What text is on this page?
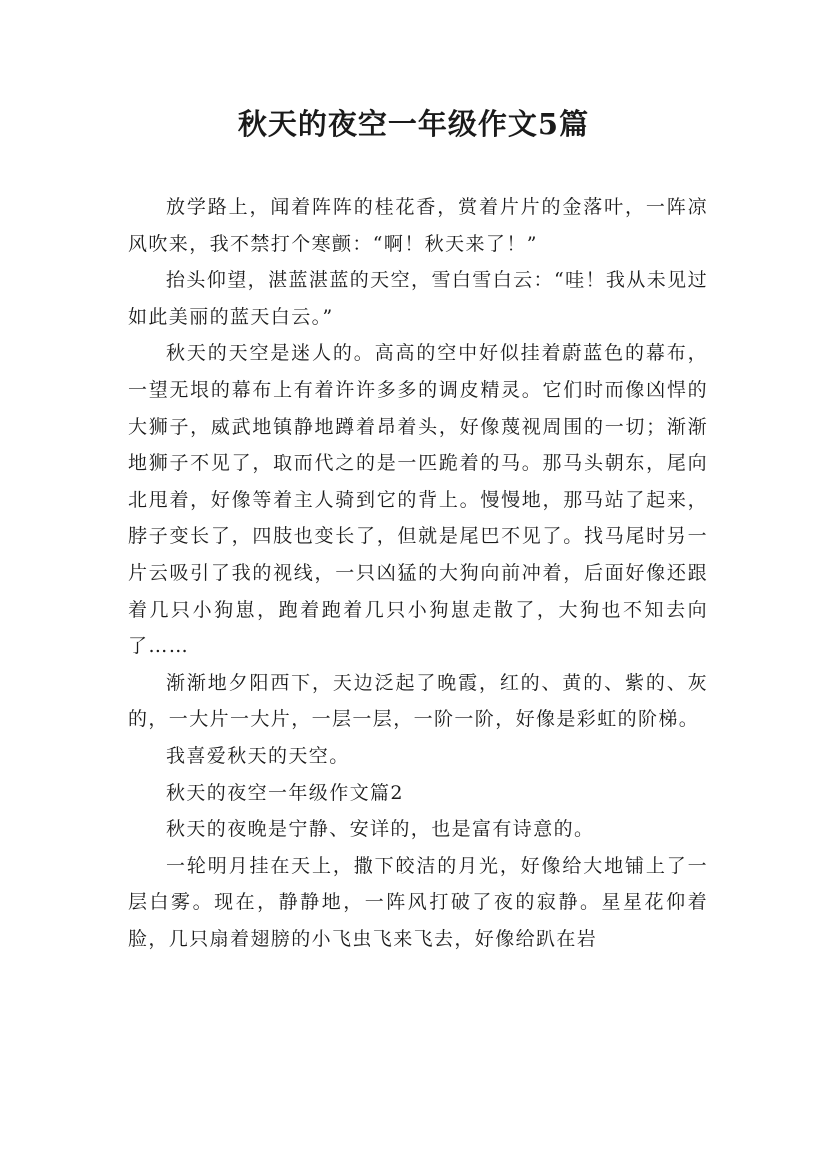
秋天的夜空一年级作文5篇

放学路上，闻着阵阵的桂花香，赏着片片的金落叶，一阵凉风吹来，我不禁打个寒颤：“啊！秋天来了！”

抬头仰望，湛蓝湛蓝的天空，雪白雪白云：“哇！我从未见过如此美丽的蓝天白云。”

秋天的天空是迷人的。高高的空中好似挂着蔚蓝色的幕布，一望无垠的幕布上有着许许多多的调皮精灵。它们时而像凶悍的大狮子，威武地镇静地蹲着昂着头，好像蔑视周围的一切；渐渐地狮子不见了，取而代之的是一匹跪着的马。那马头朝东，尾向北甩着，好像等着主人骑到它的背上。慢慢地，那马站了起来，脖子变长了，四肢也变长了，但就是尾巴不见了。找马尾时另一片云吸引了我的视线，一只凶猛的大狗向前冲着，后面好像还跟着几只小狗崽，跑着跑着几只小狗崽走散了，大狗也不知去向了……

渐渐地夕阳西下，天边泛起了晚霞，红的、黄的、紫的、灰的，一大片一大片，一层一层，一阶一阶，好像是彩虹的阶梯。

我喜爱秋天的天空。

秋天的夜空一年级作文篇2

秋天的夜晚是宁静、安详的，也是富有诗意的。

一轮明月挂在天上，撒下皎洁的月光，好像给大地铺上了一层白雾。现在，静静地，一阵风打破了夜的寂静。星星花仰着脸，几只扇着翅膀的小飞虫飞来飞去，好像给趴在岩
